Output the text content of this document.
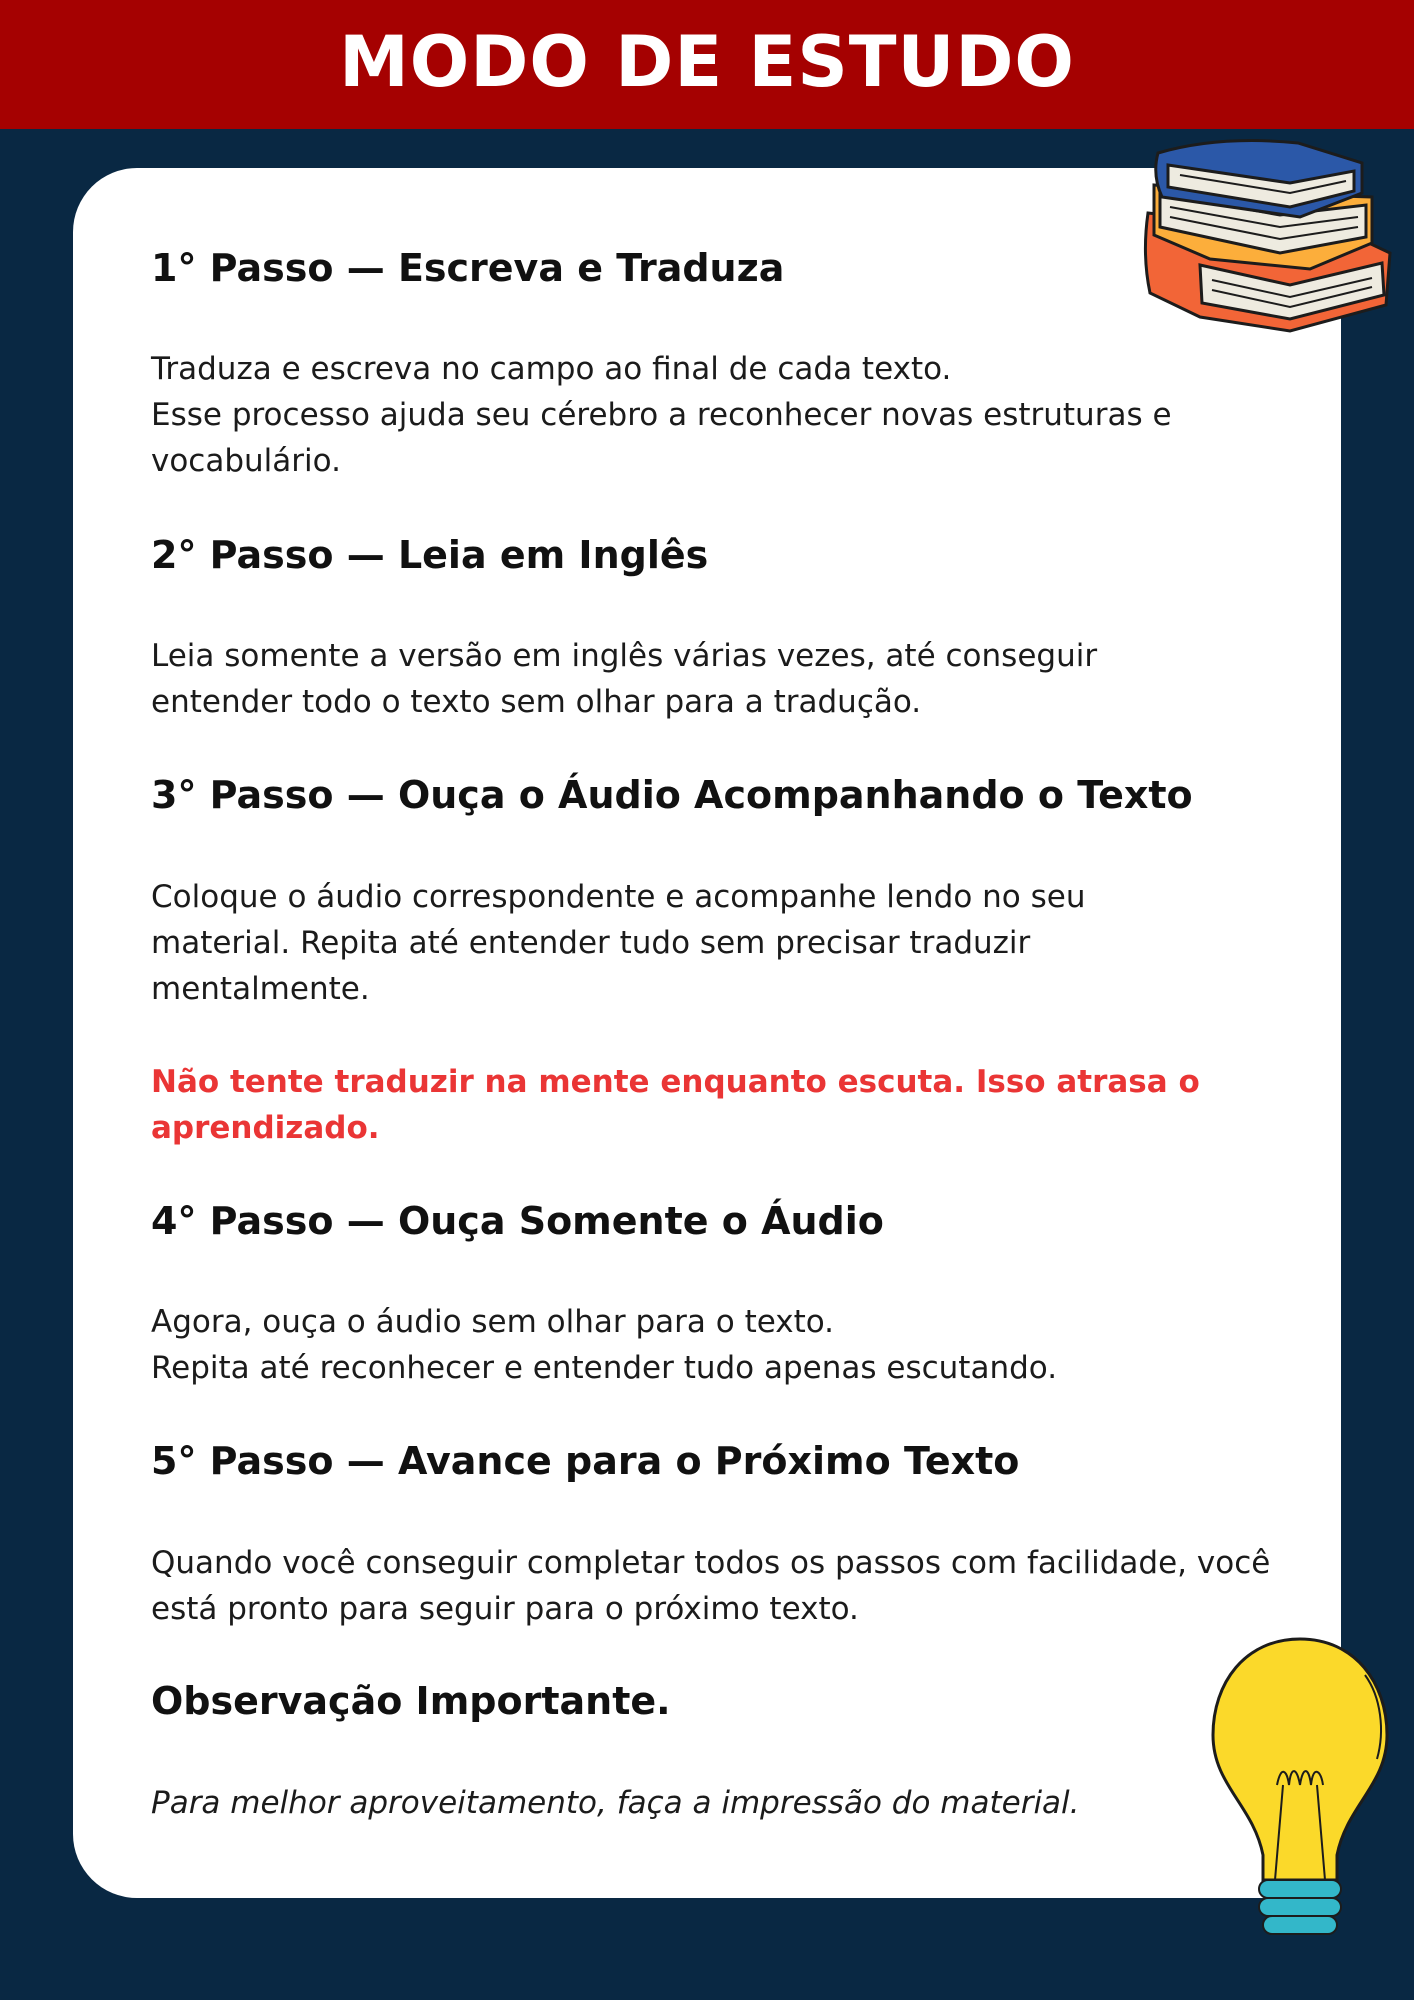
MODO DE ESTUDO
1° Passo — Escreva e Traduza

Traduza e escreva no campo ao final de cada texto.
Esse processo ajuda seu cérebro a reconhecer novas estruturas e vocabulário.

2° Passo — Leia em Inglês

Leia somente a versão em inglês várias vezes, até conseguir entender todo o texto sem olhar para a tradução.

3° Passo — Ouça o Áudio Acompanhando o Texto

Coloque o áudio correspondente e acompanhe lendo no seu material. Repita até entender tudo sem precisar traduzir mentalmente.

Não tente traduzir na mente enquanto escuta. Isso atrasa o aprendizado.

4° Passo — Ouça Somente o Áudio

Agora, ouça o áudio sem olhar para o texto.
Repita até reconhecer e entender tudo apenas escutando.

5° Passo — Avance para o Próximo Texto

Quando você conseguir completar todos os passos com facilidade, você está pronto para seguir para o próximo texto.

Observação Importante.

Para melhor aproveitamento, faça a impressão do material.
